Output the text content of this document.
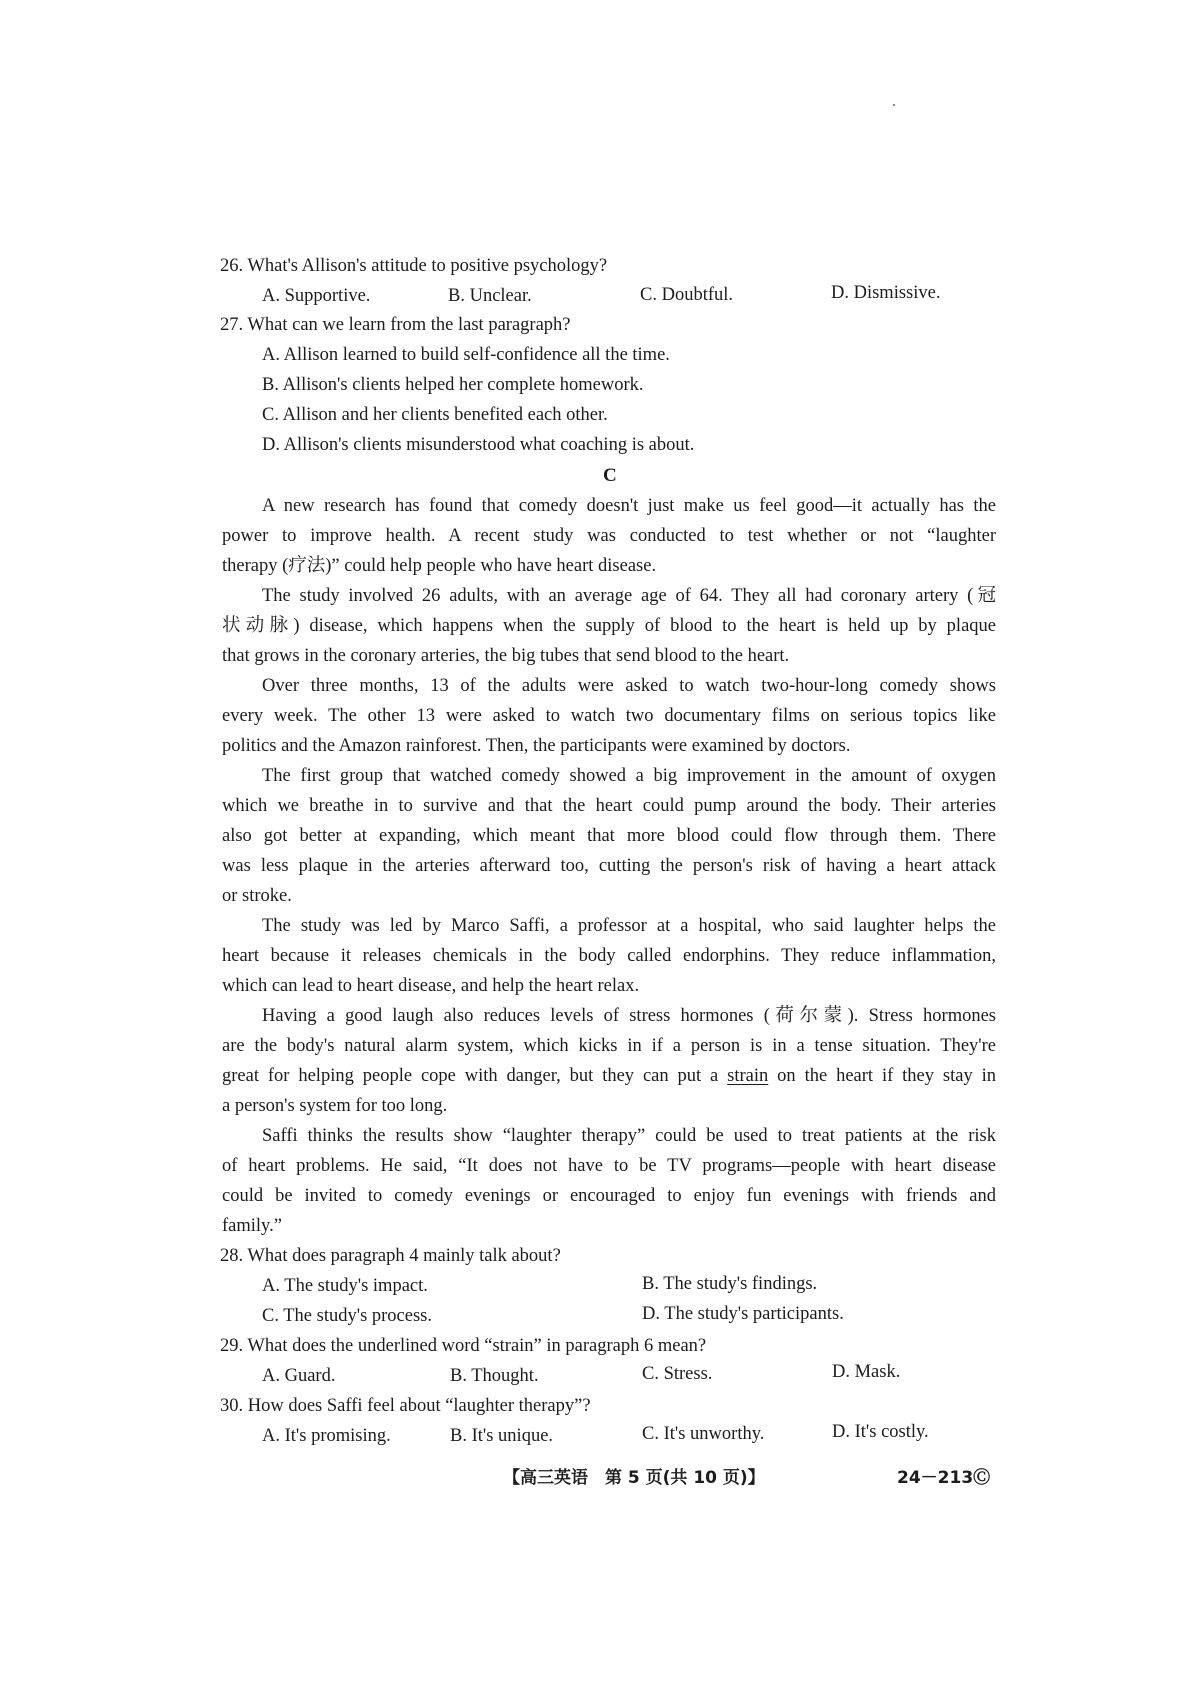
26. What's Allison's attitude to positive psychology?
A. Supportive.	B. Unclear.	C. Doubtful.	D. Dismissive.
27. What can we learn from the last paragraph?
A. Allison learned to build self-confidence all the time.
B. Allison's clients helped her complete homework.
C. Allison and her clients benefited each other.
D. Allison's clients misunderstood what coaching is about.
C
A new research has found that comedy doesn't just make us feel good—it actually has the
power to improve health. A recent study was conducted to test whether or not “laughter
therapy (疗法)” could help people who have heart disease.
The study involved 26 adults, with an average age of 64. They all had coronary artery (冠
状动脉) disease, which happens when the supply of blood to the heart is held up by plaque
that grows in the coronary arteries, the big tubes that send blood to the heart.
Over three months, 13 of the adults were asked to watch two-hour-long comedy shows
every week. The other 13 were asked to watch two documentary films on serious topics like
politics and the Amazon rainforest. Then, the participants were examined by doctors.
The first group that watched comedy showed a big improvement in the amount of oxygen
which we breathe in to survive and that the heart could pump around the body. Their arteries
also got better at expanding, which meant that more blood could flow through them. There
was less plaque in the arteries afterward too, cutting the person's risk of having a heart attack
or stroke.
The study was led by Marco Saffi, a professor at a hospital, who said laughter helps the
heart because it releases chemicals in the body called endorphins. They reduce inflammation,
which can lead to heart disease, and help the heart relax.
Having a good laugh also reduces levels of stress hormones (荷尔蒙). Stress hormones
are the body's natural alarm system, which kicks in if a person is in a tense situation. They're
great for helping people cope with danger, but they can put a strain on the heart if they stay in
a person's system for too long.
Saffi thinks the results show “laughter therapy” could be used to treat patients at the risk
of heart problems. He said, “It does not have to be TV programs—people with heart disease
could be invited to comedy evenings or encouraged to enjoy fun evenings with friends and
family.”
28. What does paragraph 4 mainly talk about?
A. The study's impact.	B. The study's findings.
C. The study's process.	D. The study's participants.
29. What does the underlined word “strain” in paragraph 6 mean?
A. Guard.	B. Thought.	C. Stress.	D. Mask.
30. How does Saffi feel about “laughter therapy”?
A. It's promising.	B. It's unique.	C. It's unworthy.	D. It's costly.
【高三英语　第 5 页(共 10 页)】	24－213Ⓒ
